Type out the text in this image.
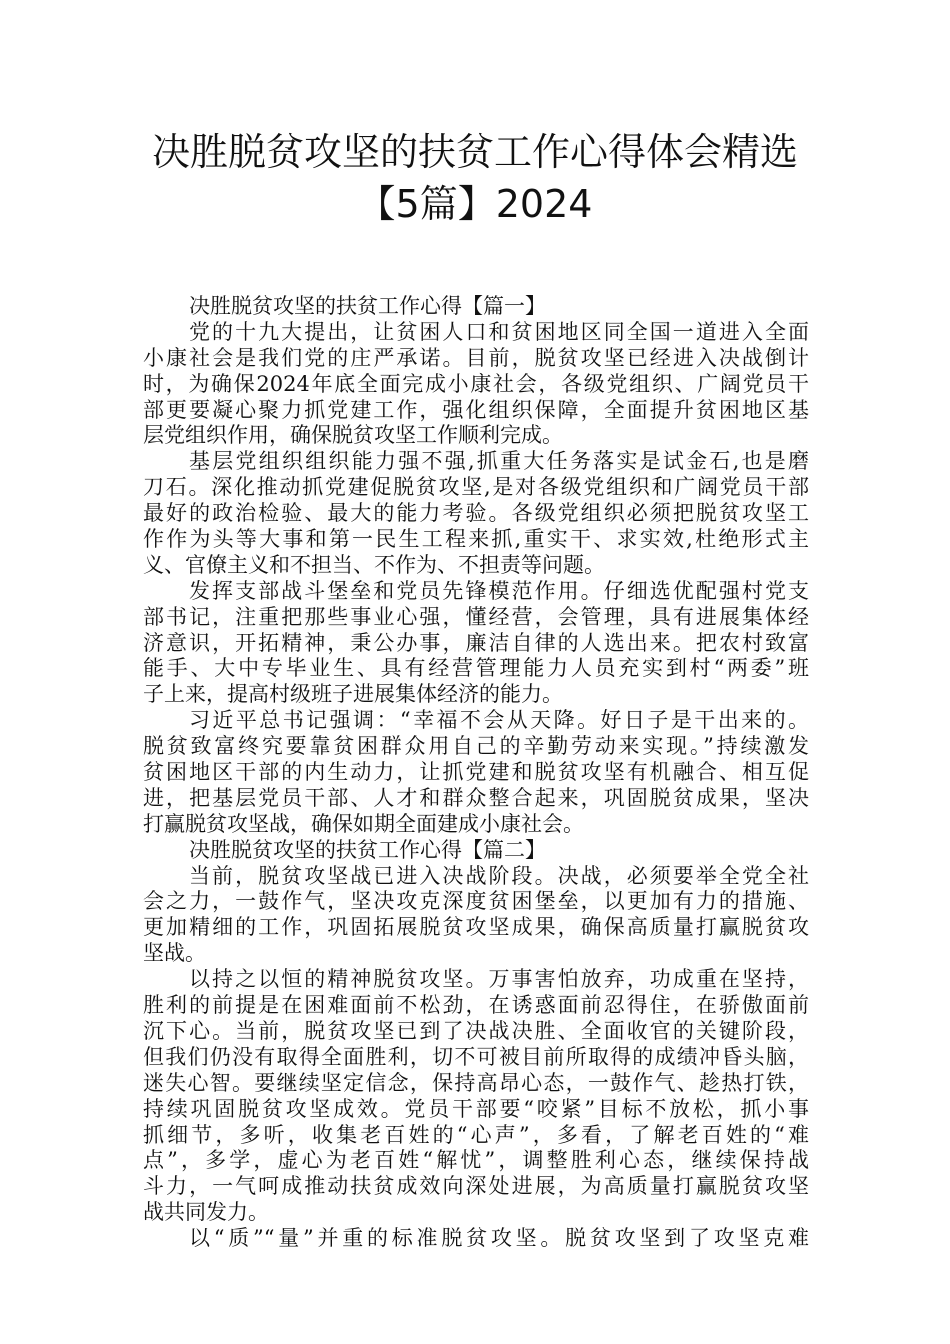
决胜脱贫攻坚的扶贫工作心得体会精选
【5篇】2024
决胜脱贫攻坚的扶贫工作心得【篇一】
党的十九大提出，让贫困人口和贫困地区同全国一道进入全面
小康社会是我们党的庄严承诺。目前，脱贫攻坚已经进入决战倒计
时，为确保2024年底全面完成小康社会，各级党组织、广阔党员干
部更要凝心聚力抓党建工作，强化组织保障，全面提升贫困地区基
层党组织作用，确保脱贫攻坚工作顺利完成。
基层党组织组织能力强不强,抓重大任务落实是试金石,也是磨
刀石。深化推动抓党建促脱贫攻坚,是对各级党组织和广阔党员干部
最好的政治检验、最大的能力考验。各级党组织必须把脱贫攻坚工
作作为头等大事和第一民生工程来抓,重实干、求实效,杜绝形式主
义、官僚主义和不担当、不作为、不担责等问题。
发挥支部战斗堡垒和党员先锋模范作用。仔细选优配强村党支
部书记，注重把那些事业心强，懂经营，会管理，具有进展集体经
济意识，开拓精神，秉公办事，廉洁自律的人选出来。把农村致富
能手、大中专毕业生、具有经营管理能力人员充实到村“两委”班
子上来，提高村级班子进展集体经济的能力。
习近平总书记强调：“幸福不会从天降。好日子是干出来的。
脱贫致富终究要靠贫困群众用自己的辛勤劳动来实现。”持续激发
贫困地区干部的内生动力，让抓党建和脱贫攻坚有机融合、相互促
进，把基层党员干部、人才和群众整合起来，巩固脱贫成果，坚决
打赢脱贫攻坚战，确保如期全面建成小康社会。
决胜脱贫攻坚的扶贫工作心得【篇二】
当前，脱贫攻坚战已进入决战阶段。决战，必须要举全党全社
会之力，一鼓作气，坚决攻克深度贫困堡垒，以更加有力的措施、
更加精细的工作，巩固拓展脱贫攻坚成果，确保高质量打赢脱贫攻
坚战。
以持之以恒的精神脱贫攻坚。万事害怕放弃，功成重在坚持，
胜利的前提是在困难面前不松劲，在诱惑面前忍得住，在骄傲面前
沉下心。当前，脱贫攻坚已到了决战决胜、全面收官的关键阶段，
但我们仍没有取得全面胜利，切不可被目前所取得的成绩冲昏头脑，
迷失心智。要继续坚定信念，保持高昂心态，一鼓作气、趁热打铁，
持续巩固脱贫攻坚成效。党员干部要“咬紧”目标不放松，抓小事
抓细节，多听，收集老百姓的“心声”，多看，了解老百姓的“难
点”，多学，虚心为老百姓“解忧”，调整胜利心态，继续保持战
斗力，一气呵成推动扶贫成效向深处进展，为高质量打赢脱贫攻坚
战共同发力。
以“质”“量”并重的标准脱贫攻坚。脱贫攻坚到了攻坚克难
